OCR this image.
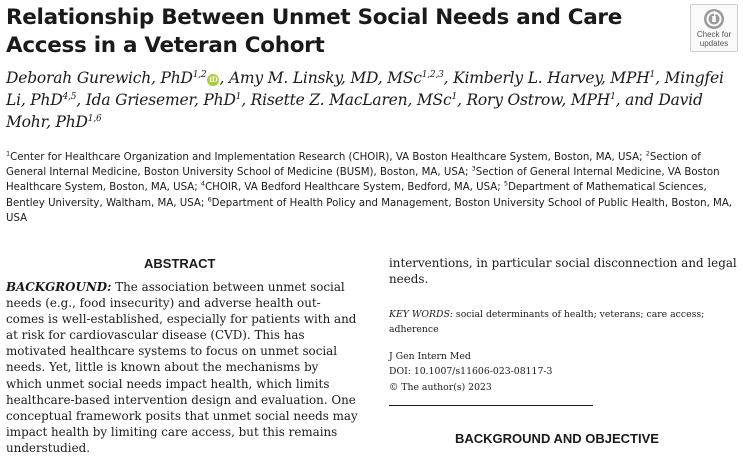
Relationship Between Unmet Social Needs and Care Access in a Veteran Cohort	Check for
updates
Deborah Gurewich, PhD$^{1,2}$ iD , Amy M. Linsky, MD, MSc$^{1,2,3}$, Kimberly L. Harvey, MPH$^1$, Mingfei Li, PhD$^{4,5}$, Ida Griesemer, PhD$^1$, Risette Z. MacLaren, MSc$^1$, Rory Ostrow, MPH$^1$, and David Mohr, PhD$^{1,6}$
$^1$Center for Healthcare Organization and Implementation Research (CHOIR), VA Boston Healthcare System, Boston, MA, USA; $^2$Section of General Internal Medicine, Boston University School of Medicine (BUSM), Boston, MA, USA; $^3$Section of General Internal Medicine, VA Boston Healthcare System, Boston, MA, USA; $^4$CHOIR, VA Bedford Healthcare System, Bedford, MA, USA; $^5$Department of Mathematical Sciences, Bentley University, Waltham, MA, USA; $^6$Department of Health Policy and Management, Boston University School of Public Health, Boston, MA, USA
ABSTRACT
BACKGROUND: The association between unmet social needs (e.g., food insecurity) and adverse health out-comes is well-established, especially for patients with and at risk for cardiovascular disease (CVD). This has motivated healthcare systems to focus on unmet social needs. Yet, little is known about the mechanisms by which unmet social needs impact health, which limits healthcare-based intervention design and evaluation. One conceptual framework posits that unmet social needs may impact health by limiting care access, but this remains understudied.
interventions, in particular social disconnection and legal needs.
KEY WORDS: social determinants of health; veterans; care access; adherence
J Gen Intern Med
DOI: 10.1007/s11606-023-08117-3
© The author(s) 2023
BACKGROUND AND OBJECTIVE
